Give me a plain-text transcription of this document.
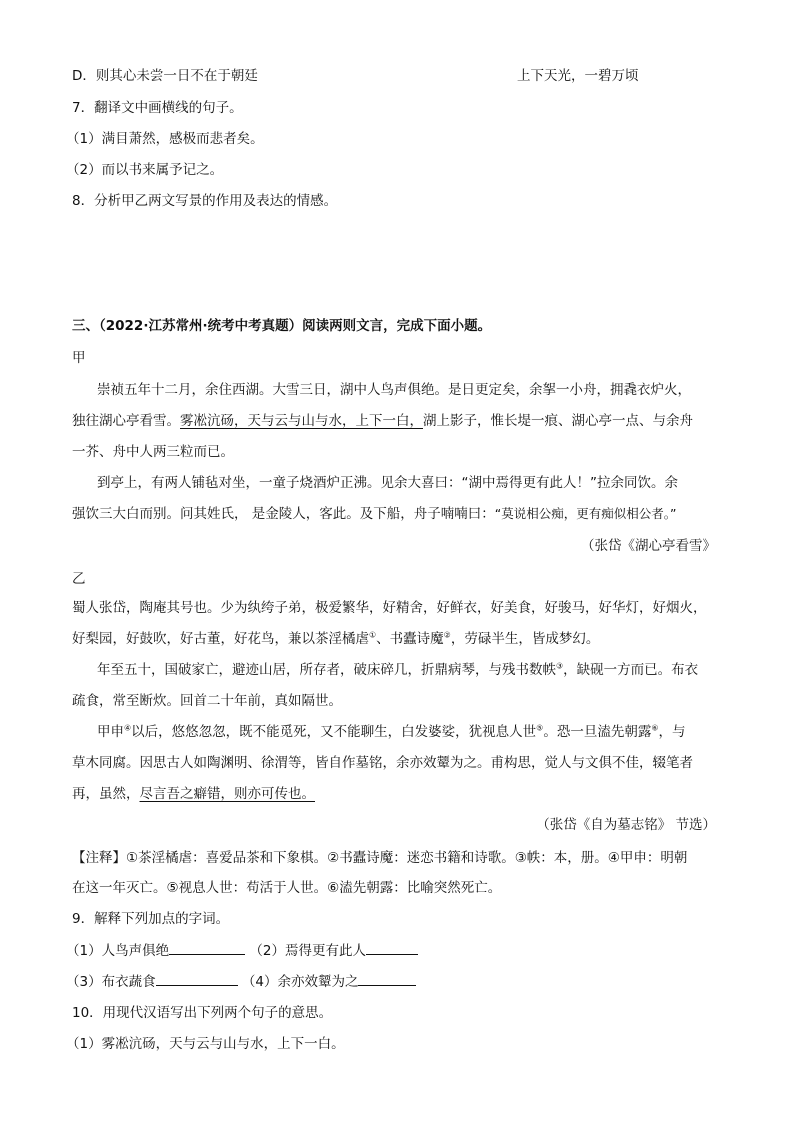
D．则其心未尝一日不在于朝廷	上下天光，一碧万顷
7．翻译文中画横线的句子。
（1）满目萧然，感极而悲者矣。
（2）而以书来属予记之。
8．分析甲乙两文写景的作用及表达的情感。
三、（2022·江苏常州·统考中考真题）阅读两则文言，完成下面小题。
甲
崇祯五年十二月，余住西湖。大雪三日，湖中人鸟声俱绝。是日更定矣，余挐一小舟，拥毳衣炉火，
独往湖心亭看雪。雾凇沆砀，天与云与山与水，上下一白，湖上影子，惟长堤一痕、湖心亭一点、与余舟
一芥、舟中人两三粒而已。
到亭上，有两人铺毡对坐，一童子烧酒炉正沸。见余大喜曰：“湖中焉得更有此人！”拉余同饮。余
强饮三大白而别。问其姓氏， 是金陵人，客此。及下船，舟子喃喃曰：“莫说相公痴，更有痴似相公者。”
（张岱《湖心亭看雪》
乙
蜀人张岱，陶庵其号也。少为纨绔子弟，极爱繁华，好精舍，好鲜衣，好美食，好骏马，好华灯，好烟火，
好梨园，好鼓吹，好古董，好花鸟，兼以茶淫橘虐①、书蠹诗魔②，劳碌半生，皆成梦幻。
年至五十，国破家亡，避迹山居，所存者，破床碎几，折鼎病琴，与残书数帙③，缺砚一方而已。布衣
疏食，常至断炊。回首二十年前，真如隔世。
甲申④以后，悠悠忽忽，既不能觅死，又不能聊生，白发婆娑，犹视息人世⑤。恐一旦溘先朝露⑥，与
草木同腐。因思古人如陶渊明、徐渭等，皆自作墓铭，余亦效颦为之。甫构思，觉人与文俱不佳，辍笔者
再，虽然，尽言吾之癖错，则亦可传也。
（张岱《自为墓志铭》 节选）
【注释】①茶淫橘虐：喜爱品茶和下象棋。②书蠹诗魔：迷恋书籍和诗歌。③帙：本，册。④甲申：明朝
在这一年灭亡。⑤视息人世：苟活于人世。⑥溘先朝露：比喻突然死亡。
9．解释下列加点的字词。
（1）人鸟声俱绝	（2）焉得更有此人
（3）布衣蔬食	（4）余亦效颦为之
10．用现代汉语写出下列两个句子的意思。
（1）雾凇沆砀，天与云与山与水，上下一白。
